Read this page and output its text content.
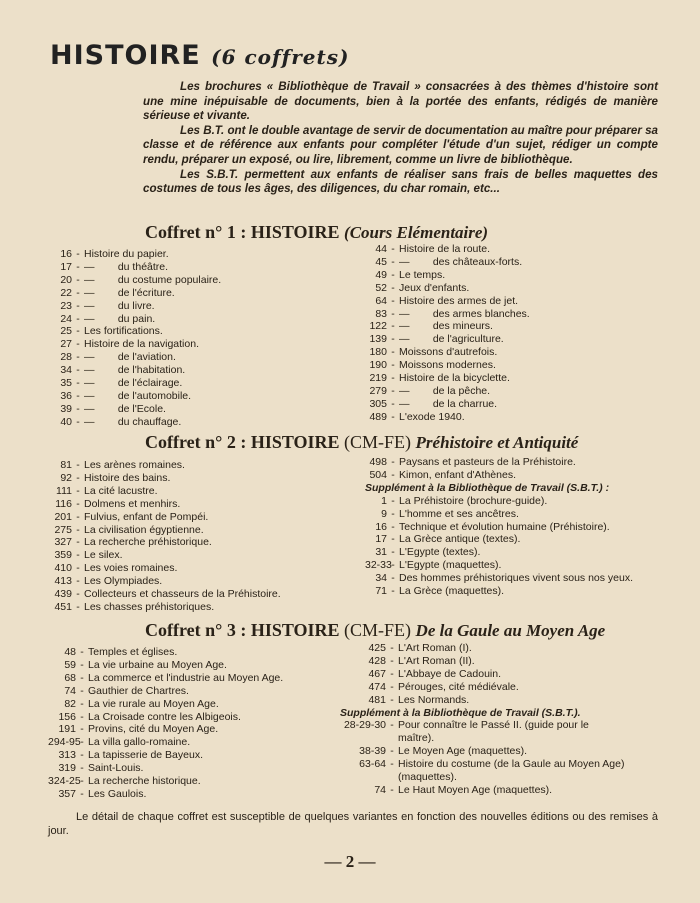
HISTOIRE (6 coffrets)

Les brochures « Bibliothèque de Travail » consacrées à des thèmes d'histoire sont une mine inépuisable de documents, bien à la portée des enfants, rédigés de manière sérieuse et vivante.

Les B.T. ont le double avantage de servir de documentation au maître pour préparer sa classe et de référence aux enfants pour compléter l'étude d'un sujet, rédiger un compte rendu, préparer un exposé, ou lire, librement, comme un livre de bibliothèque.

Les S.B.T. permettent aux enfants de réaliser sans frais de belles maquettes des costumes de tous les âges, des diligences, du char romain, etc...

Coffret n° 1 : HISTOIRE (Cours Elémentaire)
16 - Histoire du papier.
17 - —        du théâtre.
20 - —        du costume populaire.
22 - —        de l'écriture.
23 - —        du livre.
24 - —        du pain.
25 - Les fortifications.
27 - Histoire de la navigation.
28 - —        de l'aviation.
34 - —        de l'habitation.
35 - —        de l'éclairage.
36 - —        de l'automobile.
39 - —        de l'Ecole.
40 - —        du chauffage.
44 - Histoire de la route.
45 - —        des châteaux-forts.
49 - Le temps.
52 - Jeux d'enfants.
64 - Histoire des armes de jet.
83 - —        des armes blanches.
122 - —        des mineurs.
139 - —        de l'agriculture.
180 - Moissons d'autrefois.
190 - Moissons modernes.
219 - Histoire de la bicyclette.
279 - —        de la pêche.
305 - —        de la charrue.
489 - L'exode 1940.
Coffret n° 2 : HISTOIRE (CM-FE) Préhistoire et Antiquité
81 - Les arènes romaines.
92 - Histoire des bains.
111 - La cité lacustre.
116 - Dolmens et menhirs.
201 - Fulvius, enfant de Pompéi.
275 - La civilisation égyptienne.
327 - La recherche préhistorique.
359 - Le silex.
410 - Les voies romaines.
413 - Les Olympiades.
439 - Collecteurs et chasseurs de la Préhistoire.
451 - Les chasses préhistoriques.
498 - Paysans et pasteurs de la Préhistoire.
504 - Kimon, enfant d'Athènes.
Supplément à la Bibliothèque de Travail (S.B.T.) :
1 - La Préhistoire (brochure-guide).
9 - L'homme et ses ancêtres.
16 - Technique et évolution humaine (Préhistoire).
17 - La Grèce antique (textes).
31 - L'Egypte (textes).
32-33 - L'Egypte (maquettes).
34 - Des hommes préhistoriques vivent sous nos yeux.
71 - La Grèce (maquettes).
Coffret n° 3 : HISTOIRE (CM-FE) De la Gaule au Moyen Age
48 - Temples et églises.
59 - La vie urbaine au Moyen Age.
68 - La commerce et l'industrie au Moyen Age.
74 - Gauthier de Chartres.
82 - La vie rurale au Moyen Age.
156 - La Croisade contre les Albigeois.
191 - Provins, cité du Moyen Age.
294-95 - La villa gallo-romaine.
313 - La tapisserie de Bayeux.
319 - Saint-Louis.
324-25 - La recherche historique.
357 - Les Gaulois.
425 - L'Art Roman (I).
428 - L'Art Roman (II).
467 - L'Abbaye de Cadouin.
474 - Pérouges, cité médiévale.
481 - Les Normands.
Supplément à la Bibliothèque de Travail (S.B.T.).
28-29-30 - Pour connaître le Passé II. (guide pour le
maître).
38-39 - Le Moyen Age (maquettes).
63-64 - Histoire du costume (de la Gaule au Moyen Age)
(maquettes).
74 - Le Haut Moyen Age (maquettes).

Le détail de chaque coffret est susceptible de quelques variantes en fonction des nouvelles éditions ou des remises à jour.

— 2 —
